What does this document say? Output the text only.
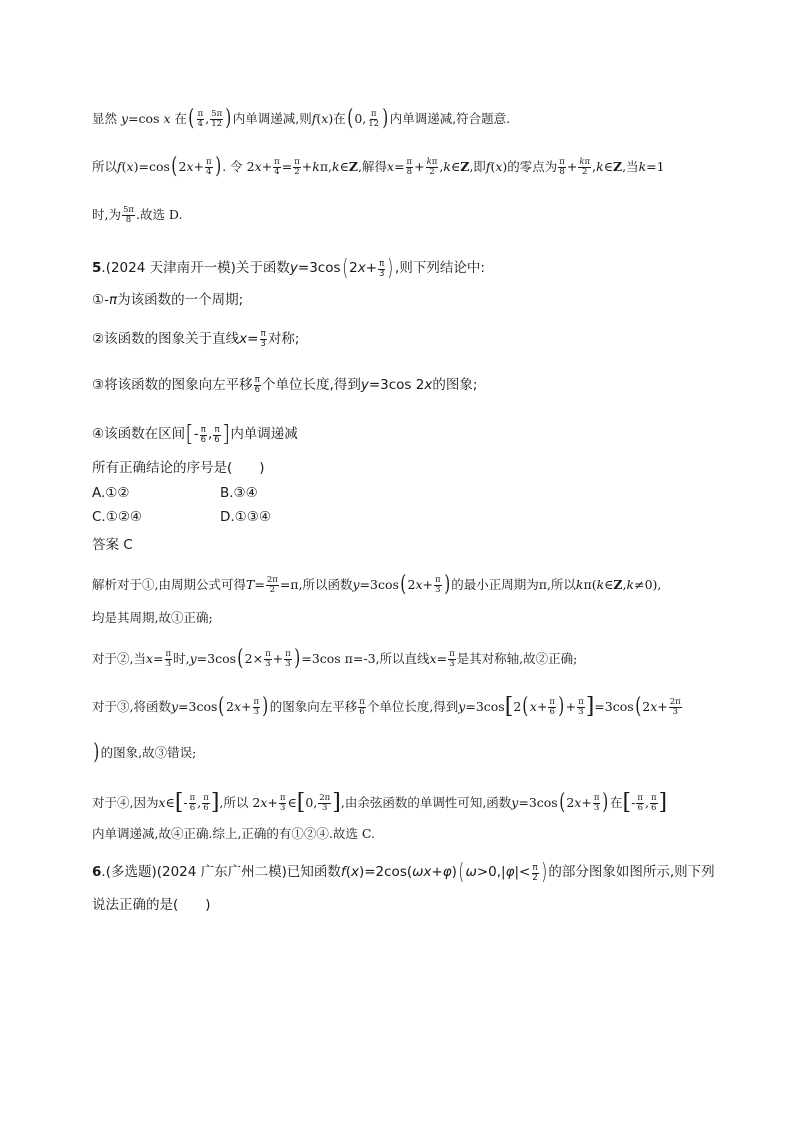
显然 y =cos x 在 ( $\frac{\pi}{4}$ , $\frac{5\pi}{12}$ ) 内单调递减,则 f ( x )在 ( 0, $\frac{\pi}{12}$ ) 内单调递减,符合题意.
所以 f ( x )=cos ( 2 $x + \frac{\pi}{4}$ ) . 令 2 $x + \frac{\pi}{4} = \frac{\pi}{2} + k$ π, k ∈ Z ,解得 $x = \frac{\pi}{8} + \frac{k\pi}{2}$ , k ∈ Z ,即 f ( x )的零点为 $\frac{\pi}{8} + \frac{k\pi}{2}$ , k ∈ Z ,当 k =1
时,为 $\frac{5\pi}{8}$ .故选 D.
5 .(2024 天津南开一模)关于函数 y =3cos ( 2 $x + \frac{\pi}{3}$ ) ,则下列结论中:
①- π 为该函数的一个周期;
②该函数的图象关于直线 $x = \frac{\pi}{3}$ 对称;
③将该函数的图象向左平移 $\frac{\pi}{6}$ 个单位长度,得到 y =3cos 2 x 的图象;
④该函数在区间 [ - $\frac{\pi}{6}$ , $\frac{\pi}{6}$ ] 内单调递减
所有正确结论的序号是(　　)
A.①②	B.③④
C.①②④	D.①③④
答案 C
解析对于①,由周期公式可得 $T = \frac{2\pi}{2} =\pi$,所以函数 y =3cos ( 2 $x + \frac{\pi}{3}$ ) 的最小正周期为π,所以 k π( k ∈ Z , k ≠0),
均是其周期,故①正确;
对于②,当 $x = \frac{\pi}{3}$ 时, y =3cos ( $2\times \frac{\pi}{3} + \frac{\pi}{3}$ ) =3cos π=-3,所以直线 $x = \frac{\pi}{3}$ 是其对称轴,故②正确;
对于③,将函数 y =3cos ( 2 $x + \frac{\pi}{3}$ ) 的图象向左平移 $\frac{\pi}{6}$ 个单位长度,得到 y =3cos [ 2 ( $x + \frac{\pi}{6}$ ) + $\frac{\pi}{3}$ ] =3cos ( 2 $x + \frac{2\pi}{3}$
) 的图象,故③错误;
对于④,因为 x ∈ [ - $\frac{\pi}{6}$ , $\frac{\pi}{6}$ ] ,所以 2 $x + \frac{\pi}{3}$ ∈ [ 0, $\frac{2\pi}{3}$ ] ,由余弦函数的单调性可知,函数 y =3cos ( 2 $x + \frac{\pi}{3}$ ) 在 [ - $\frac{\pi}{6}$ , $\frac{\pi}{6}$ ]
内单调递减,故④正确.综上,正确的有①②④.故选 C.
6 .(多选题)(2024 广东广州二模)已知函数 f ( x )=2cos( ωx + φ ) ( ω >0,| φ |< $\frac{\pi}{2}$ ) 的部分图象如图所示,则下列
说法正确的是(　　)
